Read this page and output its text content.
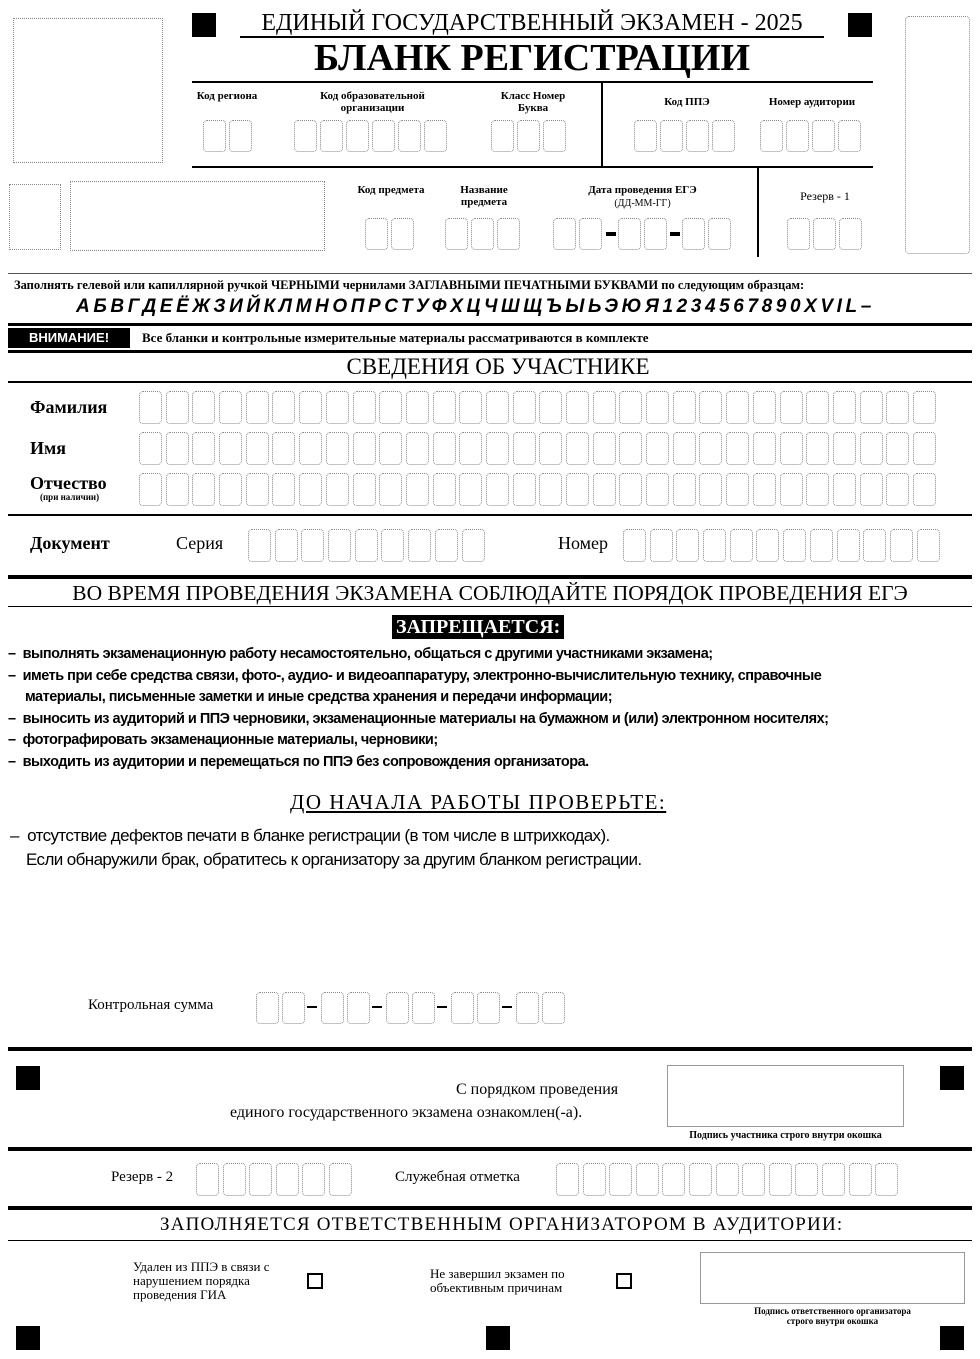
ЕДИНЫЙ ГОСУДАРСТВЕННЫЙ ЭКЗАМЕН - 2025
БЛАНК РЕГИСТРАЦИИ
Код региона	Код образовательной организации
Класс Номер Буква	Код ППЭ	Номер аудитории
Код предмета	Название предмета
Дата проведения ЕГЭ
(ДД-ММ-ГГ)
Резерв - 1
Заполнять гелевой или капиллярной ручкой ЧЕРНЫМИ чернилами ЗАГЛАВНЫМИ ПЕЧАТНЫМИ БУКВАМИ по следующим образцам:
АБВГДЕЁЖЗИЙКЛМНОПРСТУФХЦЧШЩЪЫЬЭЮЯ1234567890XVIL–
ВНИМАНИЕ!	Все бланки и контрольные измерительные материалы рассматриваются в комплекте
СВЕДЕНИЯ ОБ УЧАСТНИКЕ
Фамилия
Имя
Отчество
(при наличии)
Документ	Серия	Номер
ВО ВРЕМЯ ПРОВЕДЕНИЯ ЭКЗАМЕНА СОБЛЮДАЙТЕ ПОРЯДОК ПРОВЕДЕНИЯ ЕГЭ
ЗАПРЕЩАЕТСЯ:
–  выполнять экзаменационную работу несамостоятельно, общаться с другими участниками экзамена;
–  иметь при себе средства связи, фото-, аудио- и видеоаппаратуру, электронно-вычислительную технику, справочные
материалы, письменные заметки и иные средства хранения и передачи информации;
–  выносить из аудиторий и ППЭ черновики, экзаменационные материалы на бумажном и (или) электронном носителях;
–  фотографировать экзаменационные материалы, черновики;
–  выходить из аудитории и перемещаться по ППЭ без сопровождения организатора.
ДО НАЧАЛА РАБОТЫ ПРОВЕРЬТЕ:
–  отсутствие дефектов печати в бланке регистрации (в том числе в штрихкодах).
Если обнаружили брак, обратитесь к организатору за другим бланком регистрации.
Контрольная сумма
С порядком проведения
единого государственного экзамена ознакомлен(-а).
Подпись участника строго внутри окошка
Резерв - 2	Служебная отметка
ЗАПОЛНЯЕТСЯ ОТВЕТСТВЕННЫМ ОРГАНИЗАТОРОМ В АУДИТОРИИ:
Удален из ППЭ в связи с нарушением порядка проведения ГИА
Не завершил экзамен по объективным причинам
Подпись ответственного организатора
строго внутри окошка
